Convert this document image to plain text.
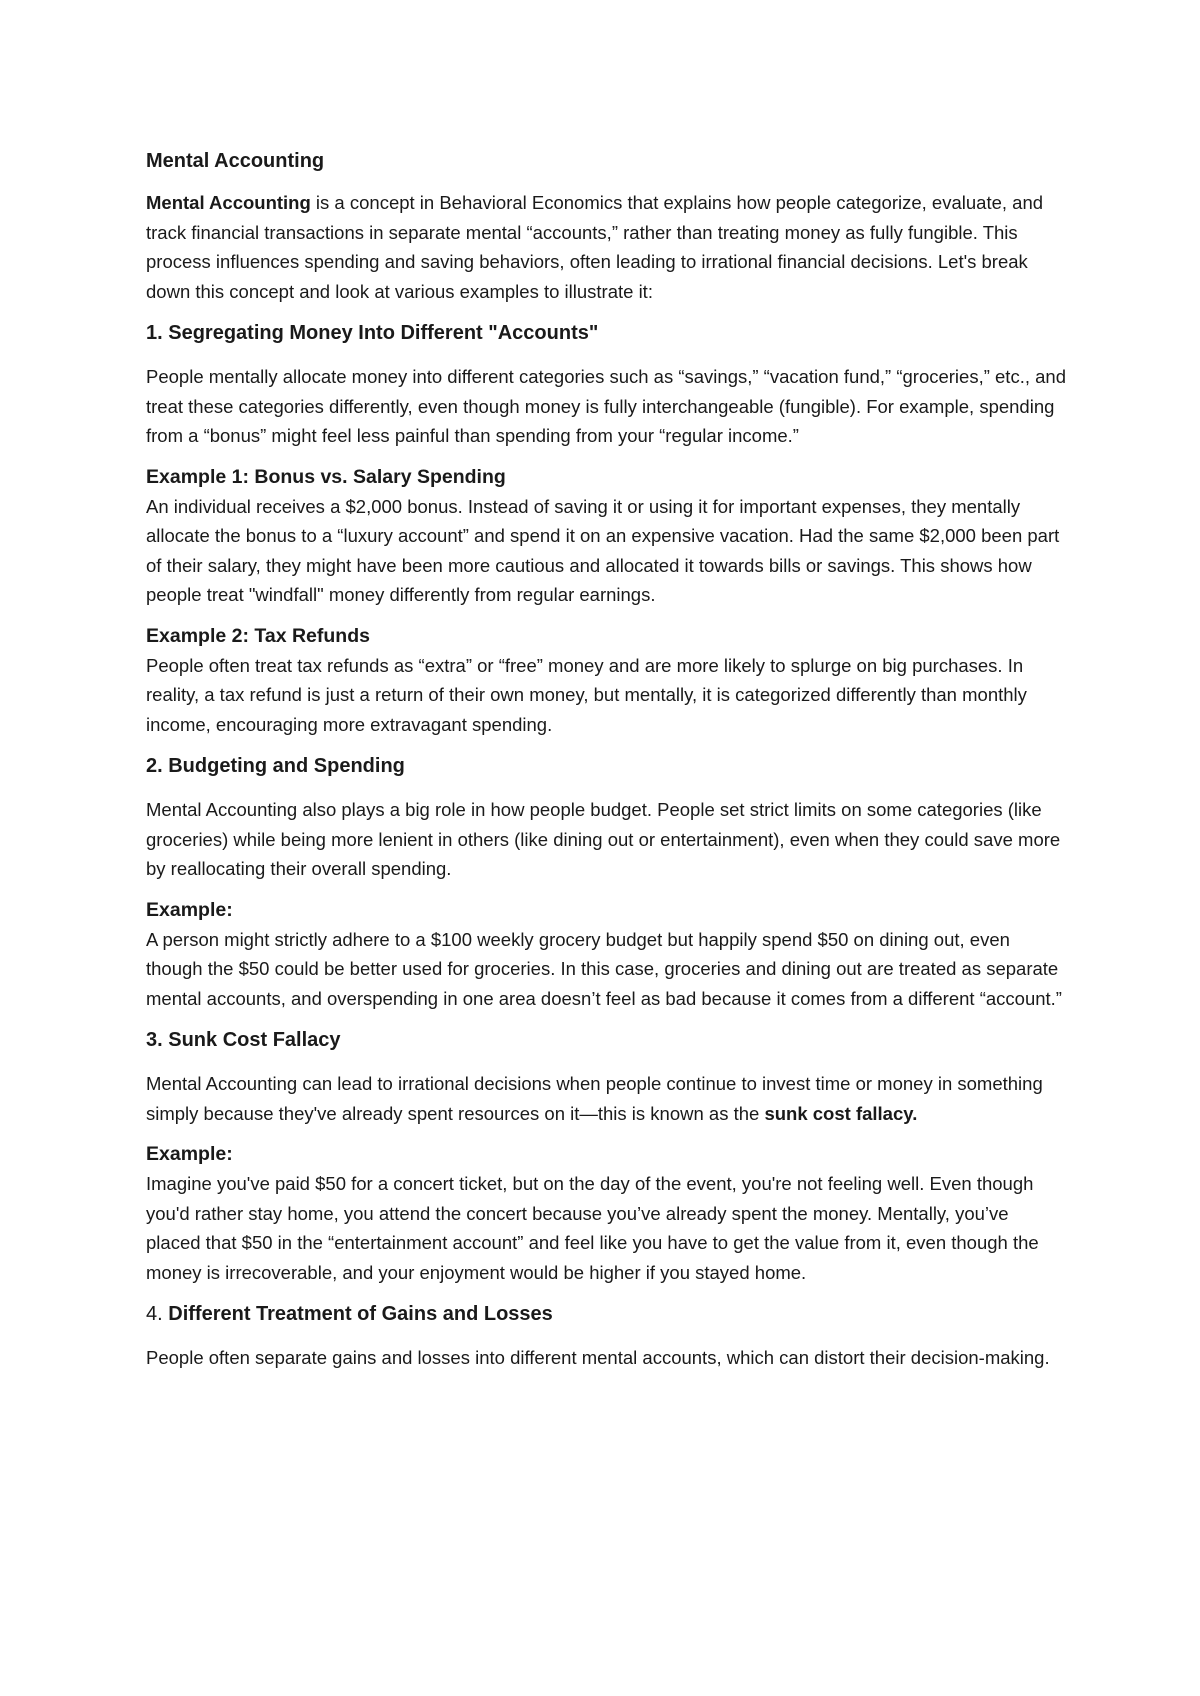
Mental Accounting

Mental Accounting is a concept in Behavioral Economics that explains how people categorize, evaluate, and track financial transactions in separate mental “accounts,” rather than treating money as fully fungible. This process influences spending and saving behaviors, often leading to irrational financial decisions. Let's break down this concept and look at various examples to illustrate it:

1. Segregating Money Into Different "Accounts"

People mentally allocate money into different categories such as “savings,” “vacation fund,” “groceries,” etc., and treat these categories differently, even though money is fully interchangeable (fungible). For example, spending from a “bonus” might feel less painful than spending from your “regular income.”

Example 1: Bonus vs. Salary Spending

An individual receives a $2,000 bonus. Instead of saving it or using it for important expenses, they mentally allocate the bonus to a “luxury account” and spend it on an expensive vacation. Had the same $2,000 been part of their salary, they might have been more cautious and allocated it towards bills or savings. This shows how people treat "windfall" money differently from regular earnings.

Example 2: Tax Refunds

People often treat tax refunds as “extra” or “free” money and are more likely to splurge on big purchases. In reality, a tax refund is just a return of their own money, but mentally, it is categorized differently than monthly income, encouraging more extravagant spending.

2. Budgeting and Spending

Mental Accounting also plays a big role in how people budget. People set strict limits on some categories (like groceries) while being more lenient in others (like dining out or entertainment), even when they could save more by reallocating their overall spending.

Example:

A person might strictly adhere to a $100 weekly grocery budget but happily spend $50 on dining out, even though the $50 could be better used for groceries. In this case, groceries and dining out are treated as separate mental accounts, and overspending in one area doesn’t feel as bad because it comes from a different “account.”

3. Sunk Cost Fallacy

Mental Accounting can lead to irrational decisions when people continue to invest time or money in something simply because they've already spent resources on it—this is known as the sunk cost fallacy.

Example:

Imagine you've paid $50 for a concert ticket, but on the day of the event, you're not feeling well. Even though you'd rather stay home, you attend the concert because you’ve already spent the money. Mentally, you’ve placed that $50 in the “entertainment account” and feel like you have to get the value from it, even though the money is irrecoverable, and your enjoyment would be higher if you stayed home.

4. Different Treatment of Gains and Losses

People often separate gains and losses into different mental accounts, which can distort their decision-making.
